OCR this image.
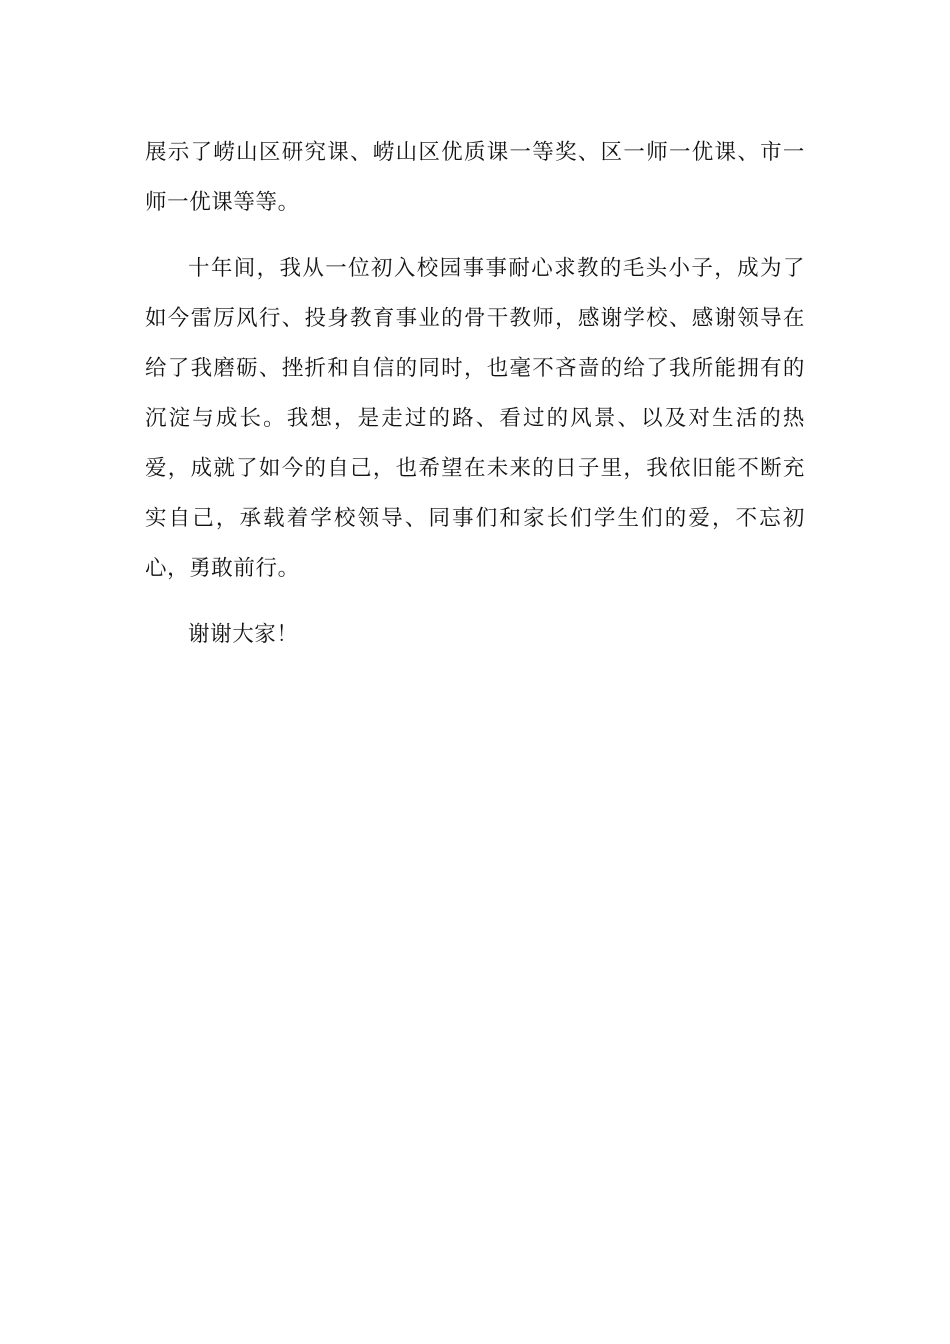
展示了崂山区研究课、崂山区优质课一等奖、区一师一优课、市一师一优课等等。

十年间，我从一位初入校园事事耐心求教的毛头小子，成为了如今雷厉风行、投身教育事业的骨干教师，感谢学校、感谢领导在给了我磨砺、挫折和自信的同时，也毫不吝啬的给了我所能拥有的沉淀与成长。我想，是走过的路、看过的风景、以及对生活的热爱，成就了如今的自己，也希望在未来的日子里，我依旧能不断充实自己，承载着学校领导、同事们和家长们学生们的爱，不忘初心，勇敢前行。

谢谢大家！
